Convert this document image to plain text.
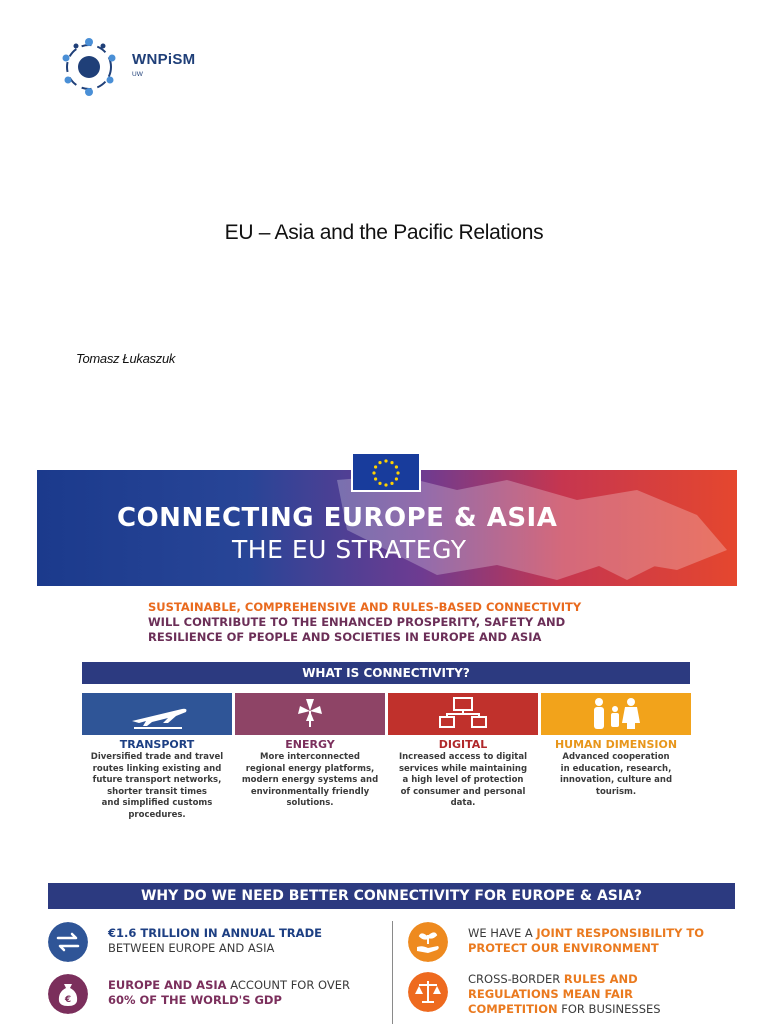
WNPiSM
UW
EU – Asia and the Pacific Relations
Tomasz Łukaszuk
CONNECTING EUROPE & ASIA
THE EU STRATEGY
SUSTAINABLE, COMPREHENSIVE AND RULES-BASED CONNECTIVITY
WILL CONTRIBUTE TO THE ENHANCED PROSPERITY, SAFETY AND
RESILIENCE OF PEOPLE AND SOCIETIES IN EUROPE AND ASIA
WHAT IS CONNECTIVITY?
TRANSPORT	ENERGY	DIGITAL	HUMAN DIMENSION
Diversified trade and travel
routes linking existing and
future transport networks,
shorter transit times
and simplified customs
procedures.
More interconnected
regional energy platforms,
modern energy systems and
environmentally friendly
solutions.
Increased access to digital
services while maintaining
a high level of protection
of consumer and personal
data.
Advanced cooperation
in education, research,
innovation, culture and
tourism.
WHY DO WE NEED BETTER CONNECTIVITY FOR EUROPE & ASIA?
€1.6 TRILLION IN ANNUAL TRADE
BETWEEN EUROPE AND ASIA
€
EUROPE AND ASIA ACCOUNT FOR OVER
60% OF THE WORLD'S GDP
WE HAVE A JOINT RESPONSIBILITY TO
PROTECT OUR ENVIRONMENT
CROSS-BORDER RULES AND
REGULATIONS MEAN FAIR
COMPETITION FOR BUSINESSES
